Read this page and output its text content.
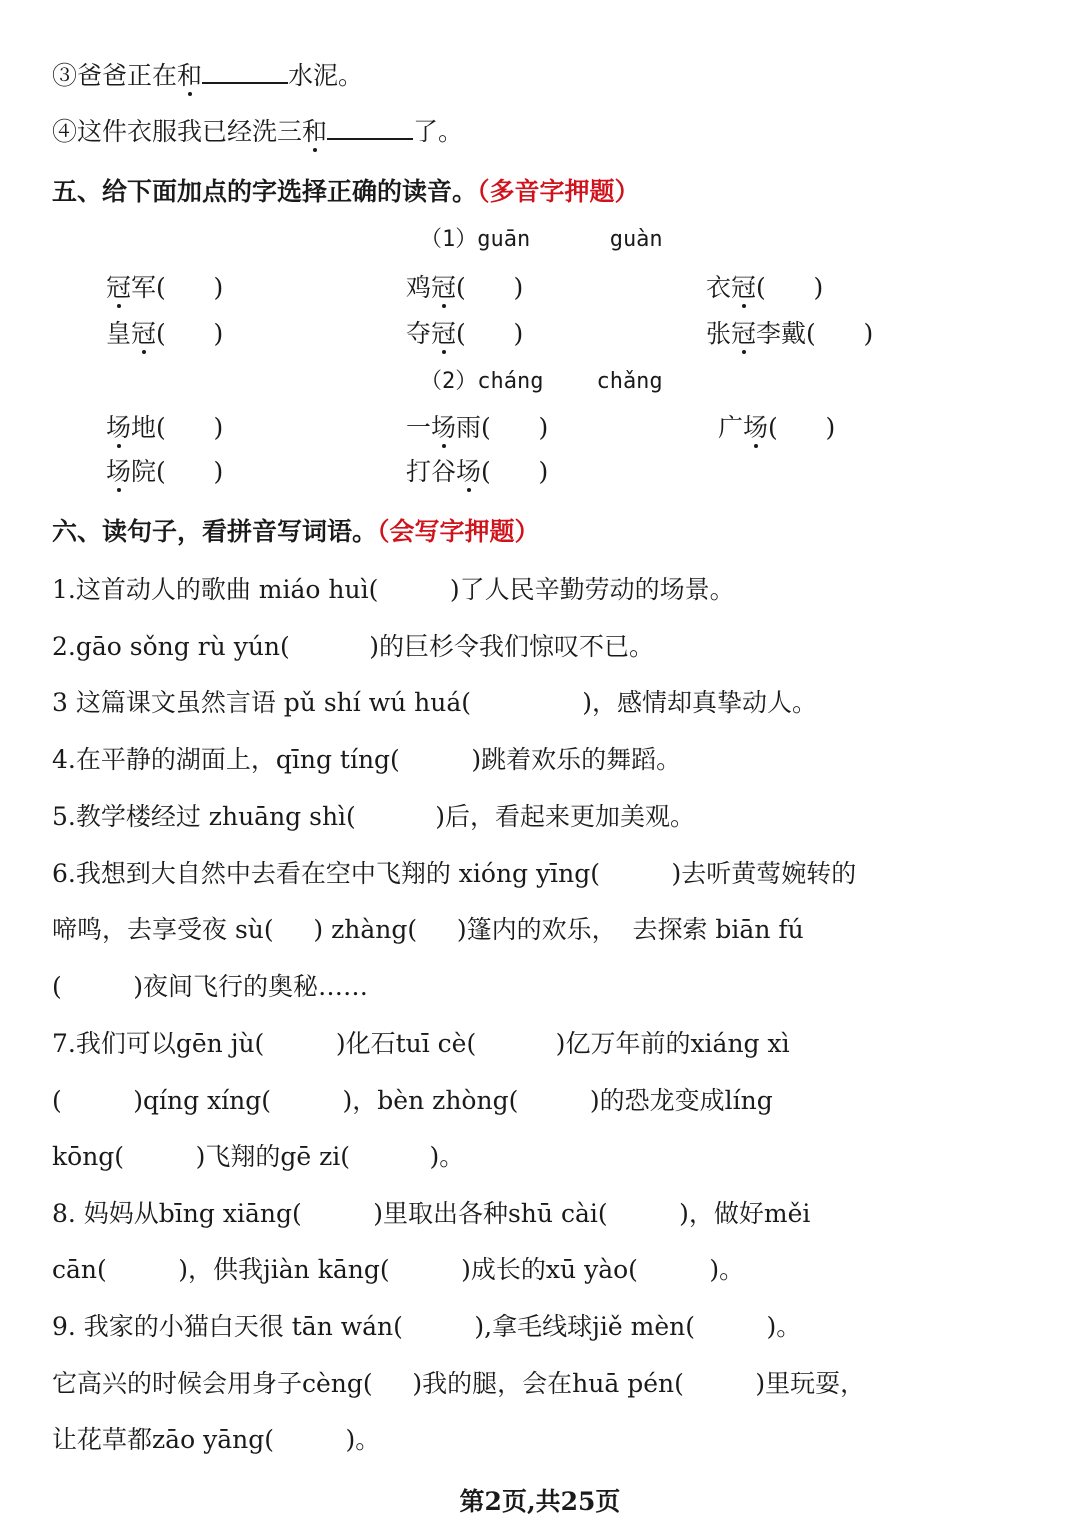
③爸爸正在和	水泥。
④这件衣服我已经洗三和	了。
五、给下面加点的字选择正确的读音。（多音字押题）
（1）guān      guàn
冠军(      )	鸡冠(      )	衣冠(      )
皇冠(      )	夺冠(      )	张冠李戴(      )
（2）cháng    chǎng
场地(      )	一场雨(      )	广场(      )
场院(      )	打谷场(      )
六、读句子，看拼音写词语。（会写字押题）
1.这首动人的歌曲 miáo huì(         )了人民辛勤劳动的场景。
2.gāo sǒng rù yún(          )的巨杉令我们惊叹不已。
3 这篇课文虽然言语 pǔ shí wú huá(              )，感情却真挚动人。
4.在平静的湖面上，qīng tíng(         )跳着欢乐的舞蹈。
5.教学楼经过 zhuāng shì(          )后，看起来更加美观。
6.我想到大自然中去看在空中飞翔的 xióng yīng(         )去听黄莺婉转的
啼鸣，去享受夜 sù(     ) zhàng(     )篷内的欢乐，  去探索 biān fú
(         )夜间飞行的奥秘……
7.我们可以gēn jù(         )化石tuī cè(          )亿万年前的xiáng xì
(         )qíng xíng(         )，bèn zhòng(         )的恐龙变成líng
kōng(         )飞翔的gē zi(          )。
8. 妈妈从bīng xiāng(         )里取出各种shū cài(         )，做好měi
cān(         )，供我jiàn kāng(         )成长的xū yào(         )。
9. 我家的小猫白天很 tān wán(         ),拿毛线球jiě mèn(         )。
它高兴的时候会用身子cèng(     )我的腿，会在huā pén(         )里玩耍，
让花草都zāo yāng(         )。
第2页,共25页
